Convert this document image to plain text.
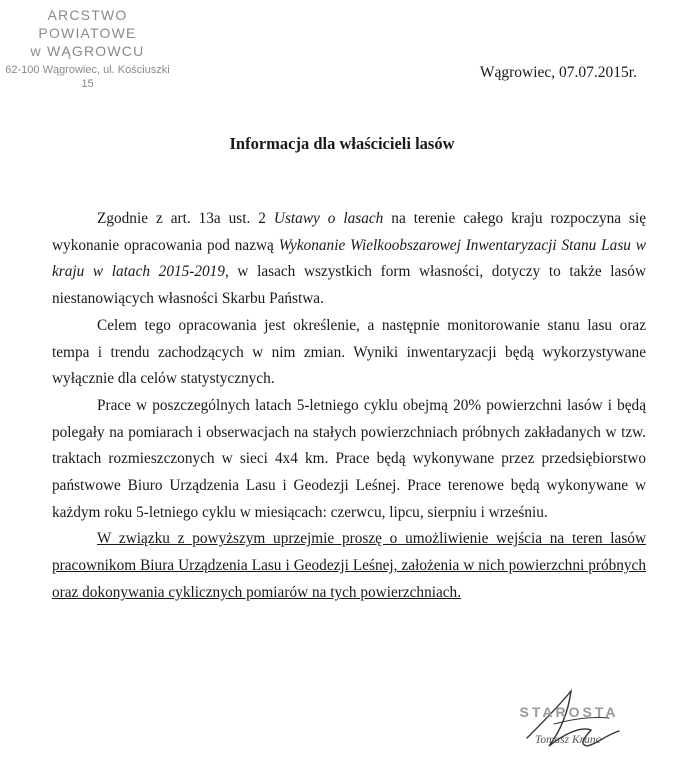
ARCSTWO POWIATOWE
w WĄGROWCU
62-100 Wągrowiec, ul. Kościuszki 15
Wągrowiec, 07.07.2015r.
Informacja dla właścicieli lasów

Zgodnie z art. 13a ust. 2 Ustawy o lasach na terenie całego kraju rozpoczyna się wykonanie opracowania pod nazwą Wykonanie Wielkoobszarowej Inwentaryzacji Stanu Lasu w kraju w latach 2015-2019, w lasach wszystkich form własności, dotyczy to także lasów niestanowiących własności Skarbu Państwa.

Celem tego opracowania jest określenie, a następnie monitorowanie stanu lasu oraz tempa i trendu zachodzących w nim zmian. Wyniki inwentaryzacji będą wykorzystywane wyłącznie dla celów statystycznych.

Prace w poszczególnych latach 5-letniego cyklu obejmą 20% powierzchni lasów i będą polegały na pomiarach i obserwacjach na stałych powierzchniach próbnych zakładanych w tzw. traktach rozmieszczonych w sieci 4x4 km. Prace będą wykonywane przez przedsiębiorstwo państwowe Biuro Urządzenia Lasu i Geodezji Leśnej. Prace terenowe będą wykonywane w każdym roku 5-letniego cyklu w miesiącach: czerwcu, lipcu, sierpniu i wrześniu.

W związku z powyższym uprzejmie proszę o umożliwienie wejścia na teren lasów pracownikom Biura Urządzenia Lasu i Geodezji Leśnej, założenia w nich powierzchni próbnych oraz dokonywania cyklicznych pomiarów na tych powierzchniach.

STAROSTA
Tomasz Kranc
